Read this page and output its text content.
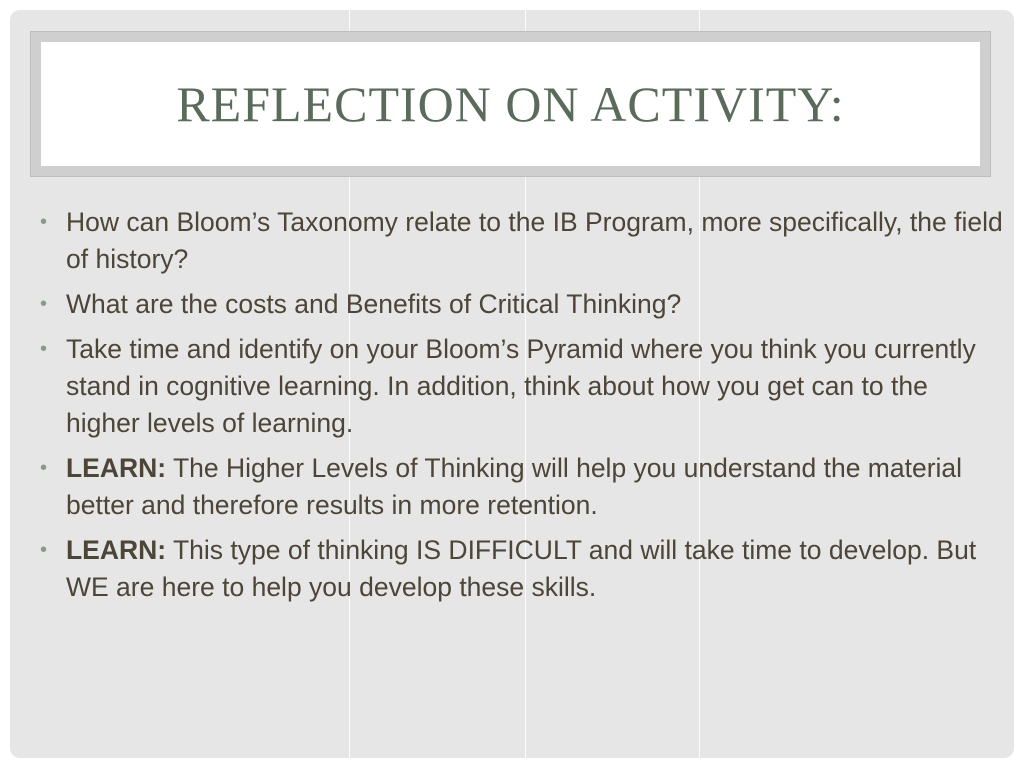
REFLECTION ON ACTIVITY:
• How can Bloom’s Taxonomy relate to the IB Program, more specifically, the field of history?
• What are the costs and Benefits of Critical Thinking?
• Take time and identify on your Bloom’s Pyramid where you think you currently stand in cognitive learning. In addition, think about how you get can to the higher levels of learning.
• LEARN: The Higher Levels of Thinking will help you understand the material better and therefore results in more retention.
• LEARN: This type of thinking IS DIFFICULT and will take time to develop. But WE are here to help you develop these skills.
